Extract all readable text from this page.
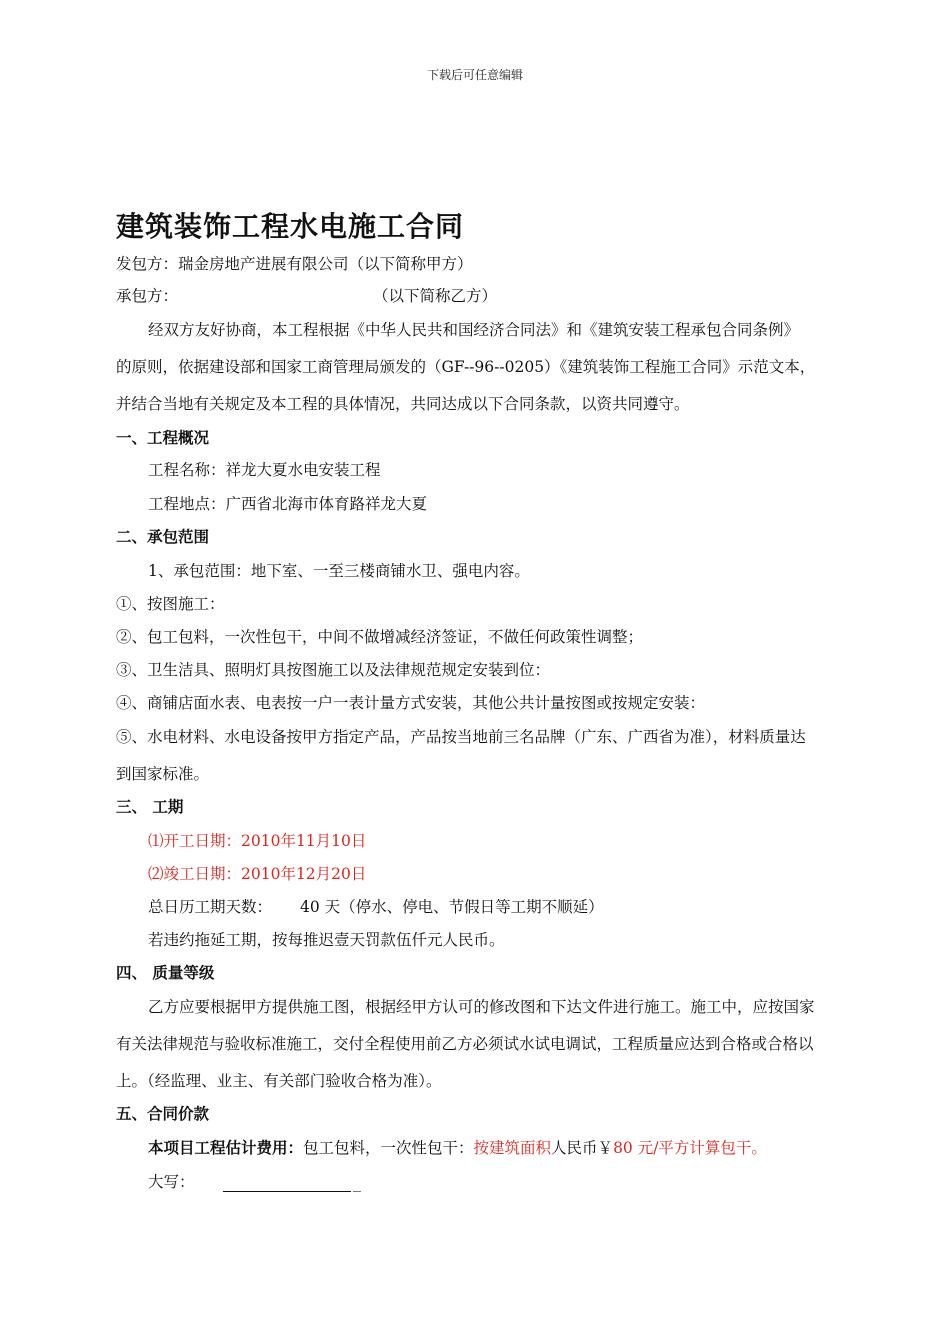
下载后可任意编辑
建筑装饰工程水电施工合同
发包方：瑞金房地产进展有限公司（以下简称甲方）
承包方：	（以下简称乙方）
经双方友好协商，本工程根据《中华人民共和国经济合同法》和《建筑安装工程承包合同条例》
的原则，依据建设部和国家工商管理局颁发的（GF--96--0205）《建筑装饰工程施工合同》示范文本，
并结合当地有关规定及本工程的具体情况，共同达成以下合同条款，以资共同遵守。
一、工程概况
工程名称：祥龙大夏水电安装工程
工程地点：广西省北海市体育路祥龙大夏
二、承包范围
1、承包范围：地下室、一至三楼商铺水卫、强电内容。
①、按图施工：
②、包工包料，一次性包干，中间不做增减经济签证，不做任何政策性调整；
③、卫生洁具、照明灯具按图施工以及法律规范规定安装到位：
④、商铺店面水表、电表按一户一表计量方式安装，其他公共计量按图或按规定安装：
⑤、水电材料、水电设备按甲方指定产品，产品按当地前三名品牌（广东、广西省为准），材料质量达
到国家标准。
三、 工期
⑴开工日期：2010年11月10日
⑵竣工日期：2010年12月20日
总日历工期天数： 40 天（停水、停电、节假日等工期不顺延）
若违约拖延工期，按每推迟壹天罚款伍仟元人民币。
四、 质量等级
乙方应要根据甲方提供施工图，根据经甲方认可的修改图和下达文件进行施工。施工中，应按国家
有关法律规范与验收标准施工，交付全程使用前乙方必须试水试电调试，工程质量应达到合格或合格以
上。（经监理、业主、有关部门验收合格为准）。
五、合同价款
本项目工程估计费用：包工包料，一次性包干：按建筑面积人民币￥80 元/平方计算包干。
大写：
